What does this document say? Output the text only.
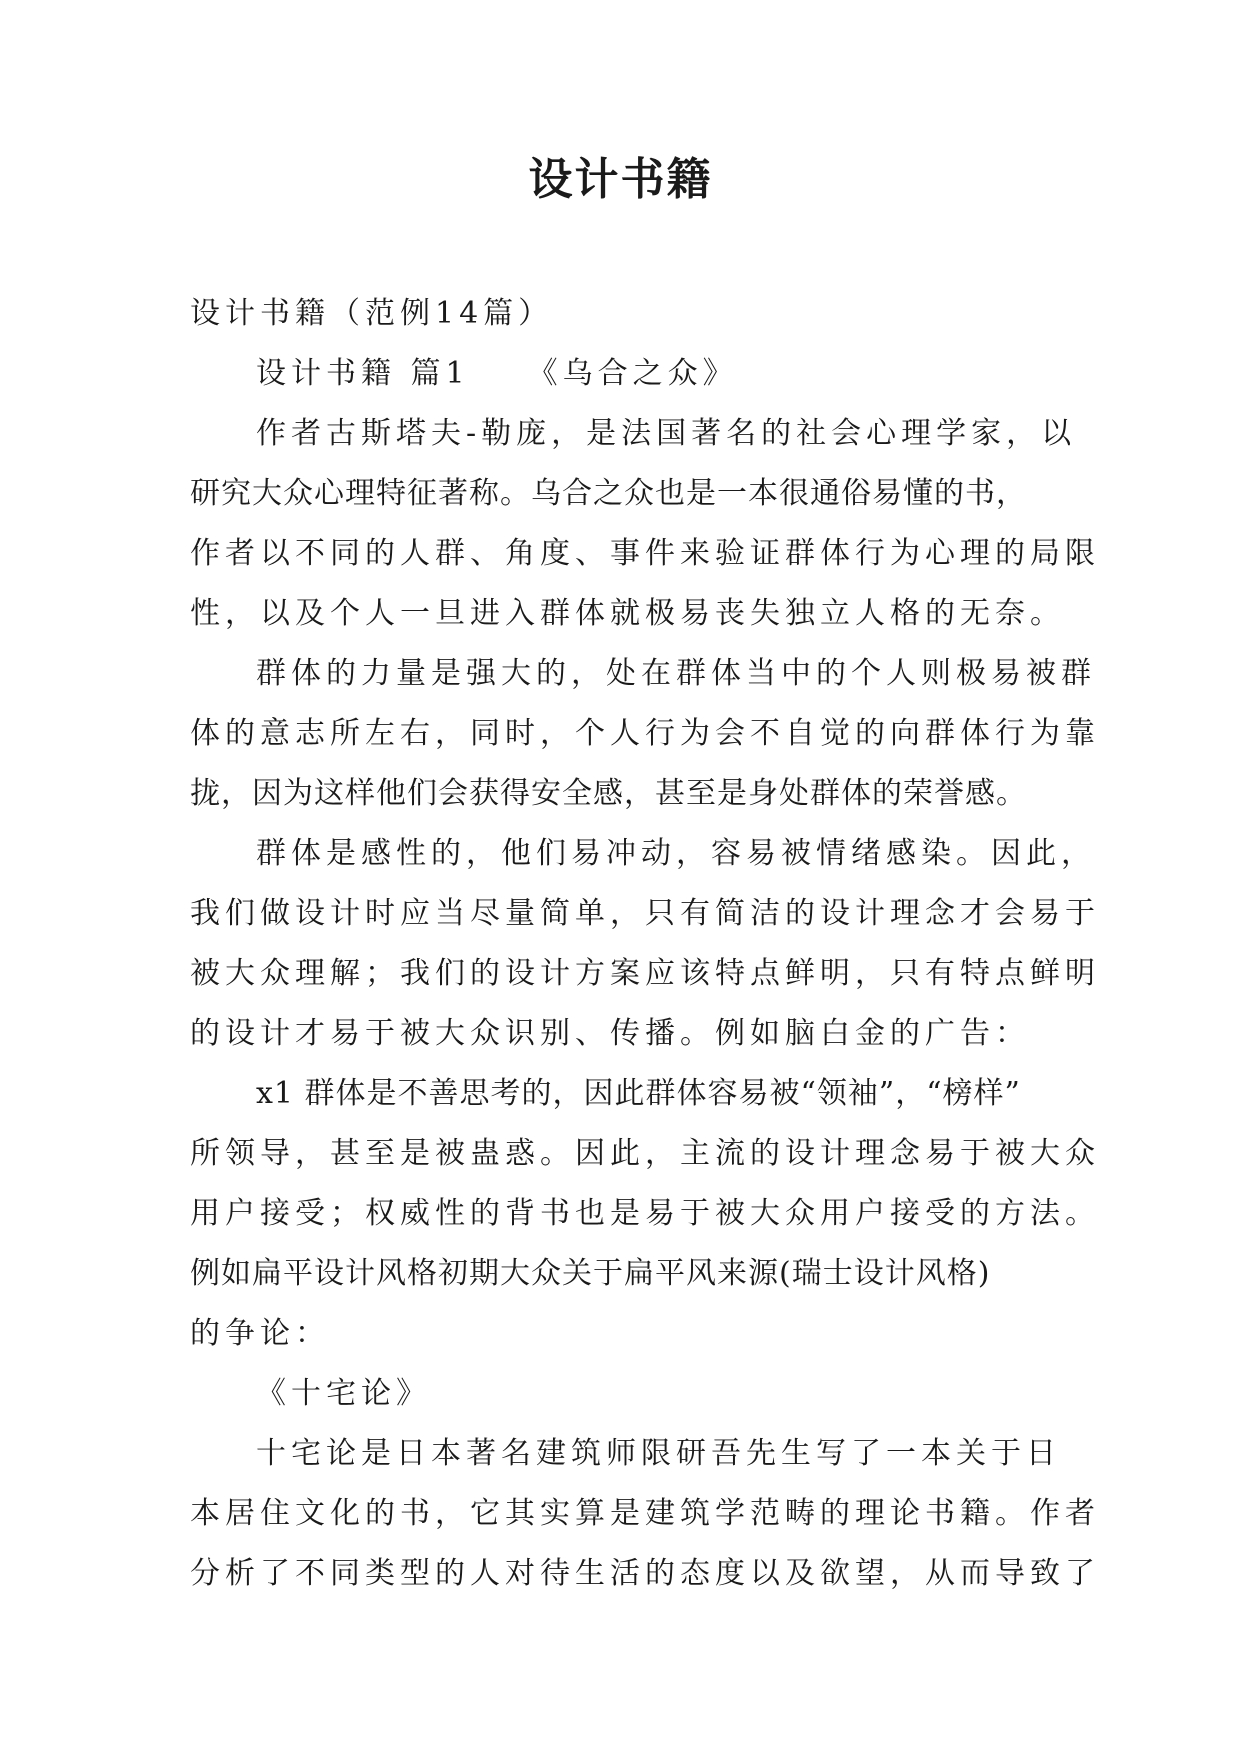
设计书籍

设计书籍（范例14篇）

设计书籍 篇1 《乌合之众》

作者古斯塔夫-勒庞，是法国著名的社会心理学家，以

研究大众心理特征著称。乌合之众也是一本很通俗易懂的书，

作者以不同的人群、角度、事件来验证群体行为心理的局限

性，以及个人一旦进入群体就极易丧失独立人格的无奈。

群体的力量是强大的，处在群体当中的个人则极易被群

体的意志所左右，同时，个人行为会不自觉的向群体行为靠

拢，因为这样他们会获得安全感，甚至是身处群体的荣誉感。

群体是感性的，他们易冲动，容易被情绪感染。因此，

我们做设计时应当尽量简单，只有简洁的设计理念才会易于

被大众理解；我们的设计方案应该特点鲜明，只有特点鲜明

的设计才易于被大众识别、传播。例如脑白金的广告：

x1 群体是不善思考的，因此群体容易被“领袖”，“榜样”

所领导，甚至是被蛊惑。因此，主流的设计理念易于被大众

用户接受；权威性的背书也是易于被大众用户接受的方法。

例如扁平设计风格初期大众关于扁平风来源(瑞士设计风格)

的争论：

《十宅论》

十宅论是日本著名建筑师限研吾先生写了一本关于日

本居住文化的书，它其实算是建筑学范畴的理论书籍。作者

分析了不同类型的人对待生活的态度以及欲望，从而导致了
